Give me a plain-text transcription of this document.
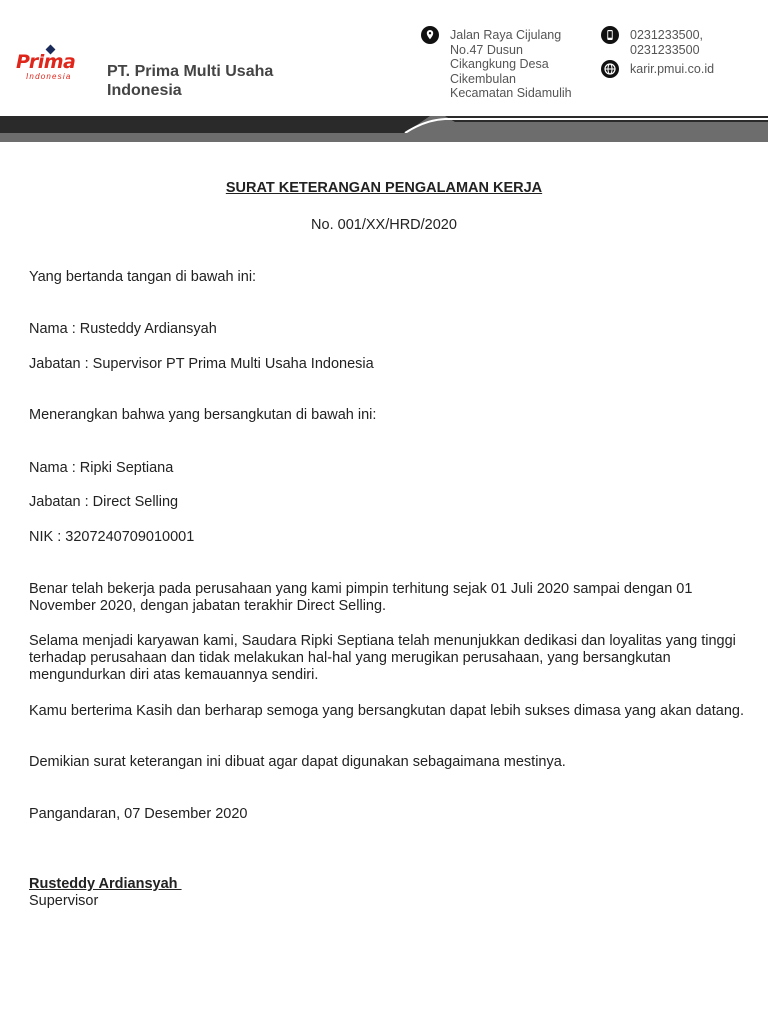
Prima
Indonesia PT. Prima Multi Usaha Indonesia
Jalan Raya Cijulang
No.47 Dusun
Cikangkung Desa
Cikembulan
Kecamatan Sidamulih
0231233500,
0231233500
karir.pmui.co.id
SURAT KETERANGAN PENGALAMAN KERJA
No. 001/XX/HRD/2020
Yang bertanda tangan di bawah ini:
Nama : Rusteddy Ardiansyah
Jabatan : Supervisor PT Prima Multi Usaha Indonesia
Menerangkan bahwa yang bersangkutan di bawah ini:
Nama : Ripki Septiana
Jabatan : Direct Selling
NIK : 3207240709010001
Benar telah bekerja pada perusahaan yang kami pimpin terhitung sejak 01 Juli 2020 sampai dengan 01 November 2020, dengan jabatan terakhir Direct Selling.
Selama menjadi karyawan kami, Saudara Ripki Septiana telah menunjukkan dedikasi dan loyalitas yang tinggi terhadap perusahaan dan tidak melakukan hal-hal yang merugikan perusahaan, yang bersangkutan mengundurkan diri atas kemauannya sendiri.
Kamu berterima Kasih dan berharap semoga yang bersangkutan dapat lebih sukses dimasa yang akan datang.
Demikian surat keterangan ini dibuat agar dapat digunakan sebagaimana mestinya.
Pangandaran, 07 Desember 2020
Rusteddy Ardiansyah
Supervisor
